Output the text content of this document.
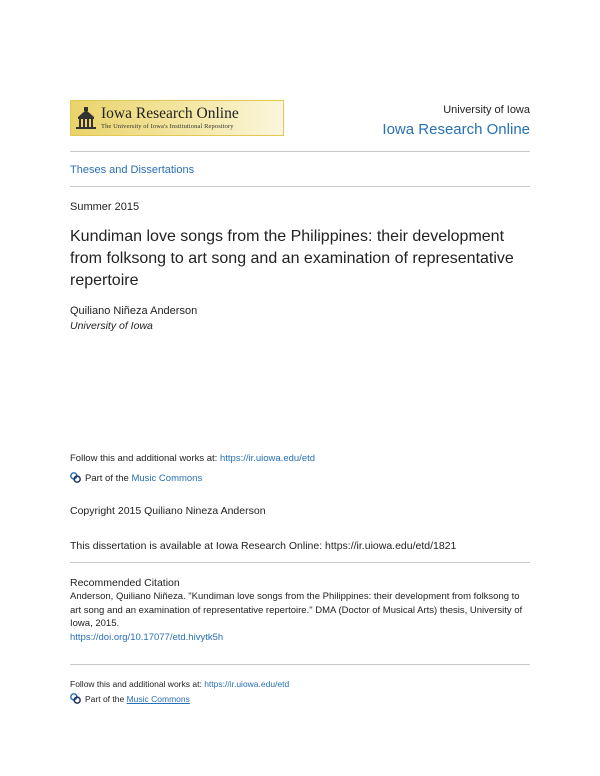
Iowa Research Online
The University of Iowa's Institutional Repository
University of Iowa
Iowa Research Online
Theses and Dissertations
Summer 2015
Kundiman love songs from the Philippines: their development from folksong to art song and an examination of representative repertoire
Quiliano Niñeza Anderson
University of Iowa
Follow this and additional works at: https://ir.uiowa.edu/etd
Part of the Music Commons
Copyright 2015 Quiliano Nineza Anderson
This dissertation is available at Iowa Research Online: https://ir.uiowa.edu/etd/1821
Recommended Citation
Anderson, Quiliano Niñeza. "Kundiman love songs from the Philippines: their development from folksong to art song and an examination of representative repertoire." DMA (Doctor of Musical Arts) thesis, University of Iowa, 2015.
https://doi.org/10.17077/etd.hivytk5h
Follow this and additional works at: https://ir.uiowa.edu/etd
Part of the Music Commons
